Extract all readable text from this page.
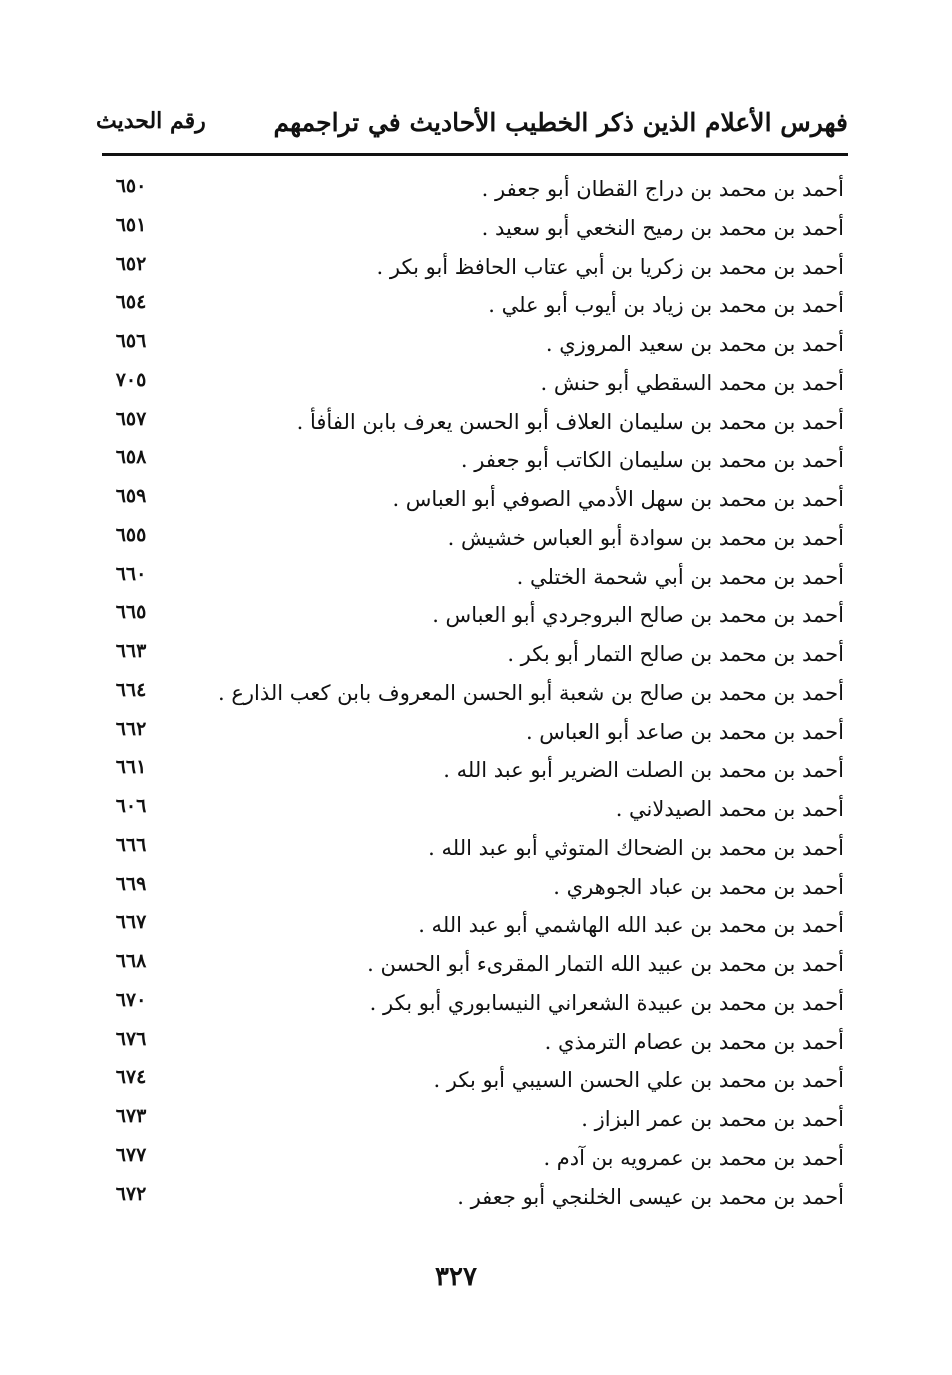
فهرس الأعلام الذين ذكر الخطيب الأحاديث في تراجمهم
رقم الحديث
أحمد بن محمد بن دراج القطان أبو جعفر .
٦٥٠
أحمد بن محمد بن رميح النخعي أبو سعيد .
٦٥١
أحمد بن محمد بن زكريا بن أبي عتاب الحافظ أبو بكر .
٦٥٢
أحمد بن محمد بن زياد بن أيوب أبو علي .
٦٥٤
أحمد بن محمد بن سعيد المروزي .
٦٥٦
أحمد بن محمد السقطي أبو حنش .
٧٠٥
أحمد بن محمد بن سليمان العلاف أبو الحسن يعرف بابن الفأفأ .
٦٥٧
أحمد بن محمد بن سليمان الكاتب أبو جعفر .
٦٥٨
أحمد بن محمد بن سهل الأدمي الصوفي أبو العباس .
٦٥٩
أحمد بن محمد بن سوادة أبو العباس خشيش .
٦٥٥
أحمد بن محمد بن أبي شحمة الختلي .
٦٦٠
أحمد بن محمد بن صالح البروجردي أبو العباس .
٦٦٥
أحمد بن محمد بن صالح التمار أبو بكر .
٦٦٣
أحمد بن محمد بن صالح بن شعبة أبو الحسن المعروف بابن كعب الذارع .
٦٦٤
أحمد بن محمد بن صاعد أبو العباس .
٦٦٢
أحمد بن محمد بن الصلت الضرير أبو عبد الله .
٦٦١
أحمد بن محمد الصيدلاني .
٦٠٦
أحمد بن محمد بن الضحاك المتوثي أبو عبد الله .
٦٦٦
أحمد بن محمد بن عباد الجوهري .
٦٦٩
أحمد بن محمد بن عبد الله الهاشمي أبو عبد الله .
٦٦٧
أحمد بن محمد بن عبيد الله التمار المقرىء أبو الحسن .
٦٦٨
أحمد بن محمد بن عبيدة الشعراني النيسابوري أبو بكر .
٦٧٠
أحمد بن محمد بن عصام الترمذي .
٦٧٦
أحمد بن محمد بن علي الحسن السيبي أبو بكر .
٦٧٤
أحمد بن محمد بن عمر البزاز .
٦٧٣
أحمد بن محمد بن عمرويه بن آدم .
٦٧٧
أحمد بن محمد بن عيسى الخلنجي أبو جعفر .
٦٧٢
٣٢٧
